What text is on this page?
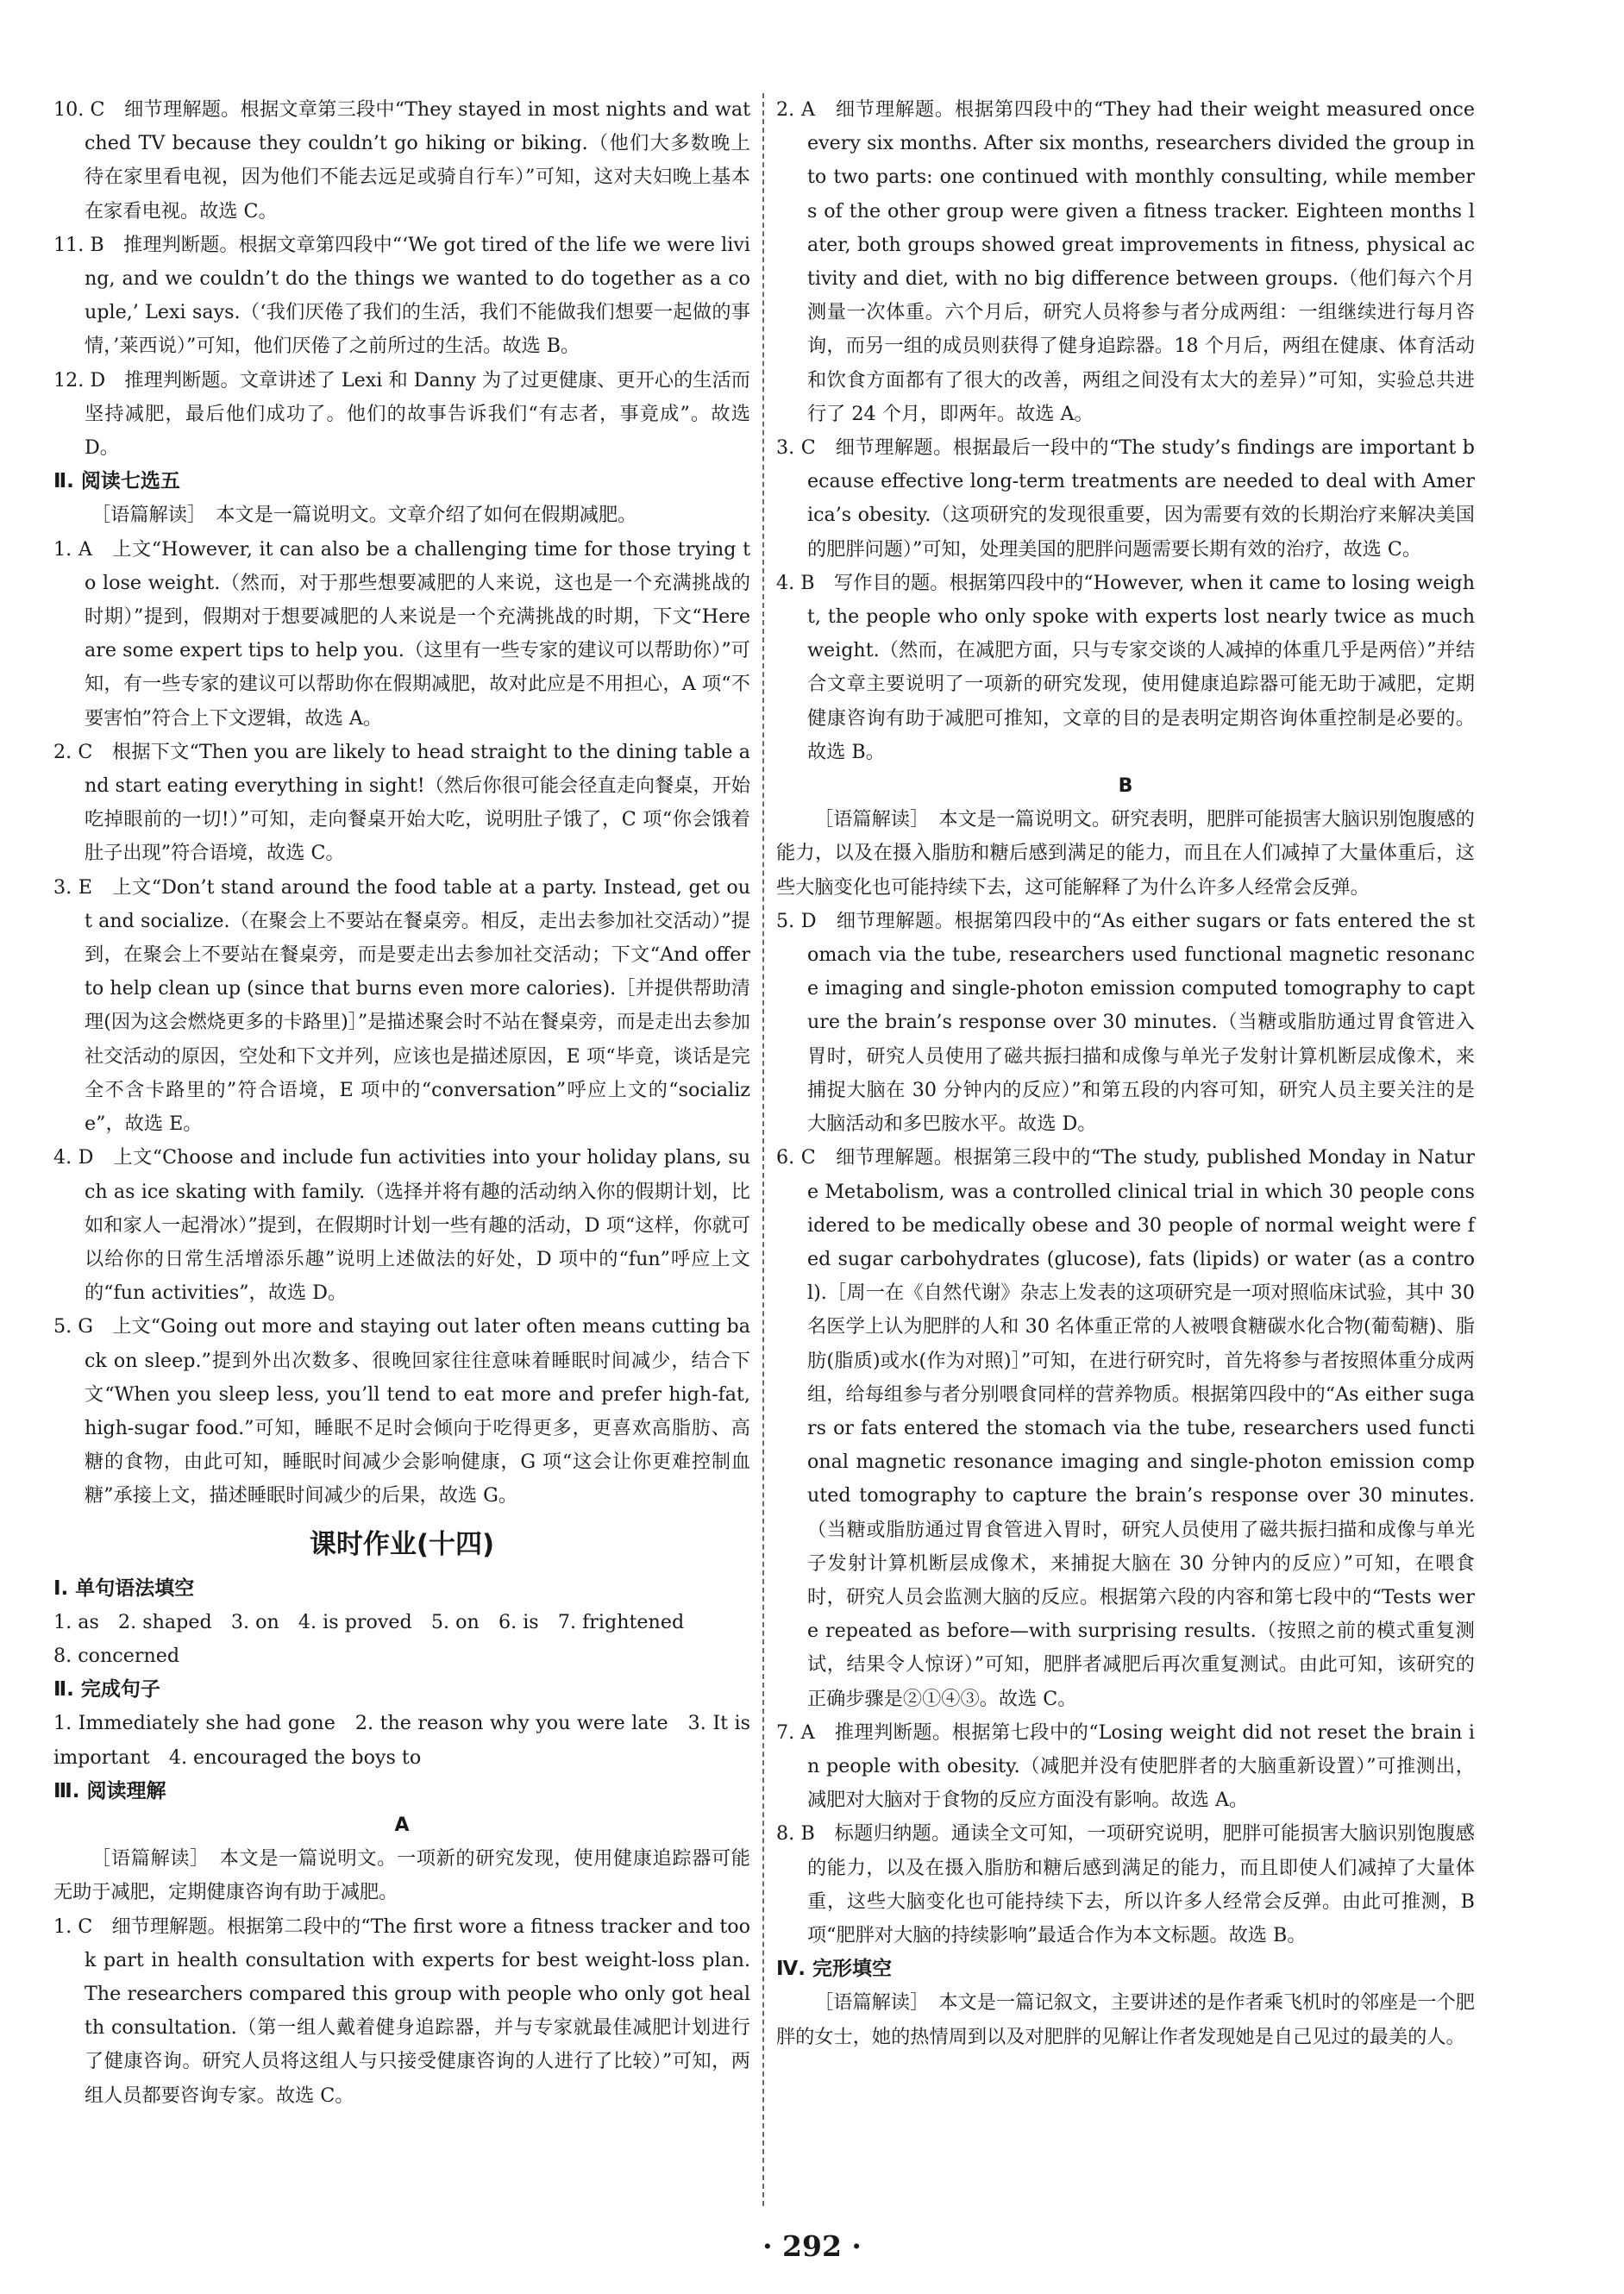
10. C　细节理解题。根据文章第三段中“They stayed in most nights and watched TV because they couldn’t go hiking or biking.（他们大多数晚上待在家里看电视，因为他们不能去远足或骑自行车）”可知，这对夫妇晚上基本在家看电视。故选 C。

11. B　推理判断题。根据文章第四段中“‘We got tired of the life we were living, and we couldn’t do the things we wanted to do together as a couple,’ Lexi says.（‘我们厌倦了我们的生活，我们不能做我们想要一起做的事情，’莱西说）”可知，他们厌倦了之前所过的生活。故选 B。

12. D　推理判断题。文章讲述了 Lexi 和 Danny 为了过更健康、更开心的生活而坚持减肥，最后他们成功了。他们的故事告诉我们“有志者，事竟成”。故选 D。

Ⅱ. 阅读七选五

［语篇解读］　本文是一篇说明文。文章介绍了如何在假期减肥。

1. A　上文“However, it can also be a challenging time for those trying to lose weight.（然而，对于那些想要减肥的人来说，这也是一个充满挑战的时期）”提到，假期对于想要减肥的人来说是一个充满挑战的时期，下文“Here are some expert tips to help you.（这里有一些专家的建议可以帮助你）”可知，有一些专家的建议可以帮助你在假期减肥，故对此应是不用担心，A 项“不要害怕”符合上下文逻辑，故选 A。

2. C　根据下文“Then you are likely to head straight to the dining table and start eating everything in sight!（然后你很可能会径直走向餐桌，开始吃掉眼前的一切!）”可知，走向餐桌开始大吃，说明肚子饿了，C 项“你会饿着肚子出现”符合语境，故选 C。

3. E　上文“Don’t stand around the food table at a party. Instead, get out and socialize.（在聚会上不要站在餐桌旁。相反，走出去参加社交活动）”提到，在聚会上不要站在餐桌旁，而是要走出去参加社交活动；下文“And offer to help clean up (since that burns even more calories).［并提供帮助清理(因为这会燃烧更多的卡路里)］”是描述聚会时不站在餐桌旁，而是走出去参加社交活动的原因，空处和下文并列，应该也是描述原因，E 项“毕竟，谈话是完全不含卡路里的”符合语境，E 项中的“conversation”呼应上文的“socialize”，故选 E。

4. D　上文“Choose and include fun activities into your holiday plans, such as ice skating with family.（选择并将有趣的活动纳入你的假期计划，比如和家人一起滑冰）”提到，在假期时计划一些有趣的活动，D 项“这样，你就可以给你的日常生活增添乐趣”说明上述做法的好处，D 项中的“fun”呼应上文的“fun activities”，故选 D。

5. G　上文“Going out more and staying out later often means cutting back on sleep.”提到外出次数多、很晚回家往往意味着睡眠时间减少，结合下文“When you sleep less, you’ll tend to eat more and prefer high-fat, high-sugar food.”可知，睡眠不足时会倾向于吃得更多，更喜欢高脂肪、高糖的食物，由此可知，睡眠时间减少会影响健康，G 项“这会让你更难控制血糖”承接上文，描述睡眠时间减少的后果，故选 G。

课时作业(十四)

Ⅰ. 单句语法填空

1. as　2. shaped　3. on　4. is proved　5. on　6. is　7. frightened

8. concerned

Ⅱ. 完成句子

1. Immediately she had gone　2. the reason why you were late　3. It is important　4. encouraged the boys to

Ⅲ. 阅读理解

A

［语篇解读］　本文是一篇说明文。一项新的研究发现，使用健康追踪器可能无助于减肥，定期健康咨询有助于减肥。

1. C　细节理解题。根据第二段中的“The first wore a fitness tracker and took part in health consultation with experts for best weight-loss plan. The researchers compared this group with people who only got health consultation.（第一组人戴着健身追踪器，并与专家就最佳减肥计划进行了健康咨询。研究人员将这组人与只接受健康咨询的人进行了比较）”可知，两组人员都要咨询专家。故选 C。

2. A　细节理解题。根据第四段中的“They had their weight measured once every six months. After six months, researchers divided the group into two parts: one continued with monthly consulting, while members of the other group were given a fitness tracker. Eighteen months later, both groups showed great improvements in fitness, physical activity and diet, with no big difference between groups.（他们每六个月测量一次体重。六个月后，研究人员将参与者分成两组：一组继续进行每月咨询，而另一组的成员则获得了健身追踪器。18 个月后，两组在健康、体育活动和饮食方面都有了很大的改善，两组之间没有太大的差异）”可知，实验总共进行了 24 个月，即两年。故选 A。

3. C　细节理解题。根据最后一段中的“The study’s findings are important because effective long-term treatments are needed to deal with America’s obesity.（这项研究的发现很重要，因为需要有效的长期治疗来解决美国的肥胖问题）”可知，处理美国的肥胖问题需要长期有效的治疗，故选 C。

4. B　写作目的题。根据第四段中的“However, when it came to losing weight, the people who only spoke with experts lost nearly twice as much weight.（然而，在减肥方面，只与专家交谈的人减掉的体重几乎是两倍）”并结合文章主要说明了一项新的研究发现，使用健康追踪器可能无助于减肥，定期健康咨询有助于减肥可推知，文章的目的是表明定期咨询体重控制是必要的。故选 B。

B

［语篇解读］　本文是一篇说明文。研究表明，肥胖可能损害大脑识别饱腹感的能力，以及在摄入脂肪和糖后感到满足的能力，而且在人们减掉了大量体重后，这些大脑变化也可能持续下去，这可能解释了为什么许多人经常会反弹。

5. D　细节理解题。根据第四段中的“As either sugars or fats entered the stomach via the tube, researchers used functional magnetic resonance imaging and single-photon emission computed tomography to capture the brain’s response over 30 minutes.（当糖或脂肪通过胃食管进入胃时，研究人员使用了磁共振扫描和成像与单光子发射计算机断层成像术，来捕捉大脑在 30 分钟内的反应）”和第五段的内容可知，研究人员主要关注的是大脑活动和多巴胺水平。故选 D。

6. C　细节理解题。根据第三段中的“The study, published Monday in Nature Metabolism, was a controlled clinical trial in which 30 people considered to be medically obese and 30 people of normal weight were fed sugar carbohydrates (glucose), fats (lipids) or water (as a control).［周一在《自然代谢》杂志上发表的这项研究是一项对照临床试验，其中 30 名医学上认为肥胖的人和 30 名体重正常的人被喂食糖碳水化合物(葡萄糖)、脂肪(脂质)或水(作为对照)］”可知，在进行研究时，首先将参与者按照体重分成两组，给每组参与者分别喂食同样的营养物质。根据第四段中的“As either sugars or fats entered the stomach via the tube, researchers used functional magnetic resonance imaging and single-photon emission computed tomography to capture the brain’s response over 30 minutes.（当糖或脂肪通过胃食管进入胃时，研究人员使用了磁共振扫描和成像与单光子发射计算机断层成像术，来捕捉大脑在 30 分钟内的反应）”可知，在喂食时，研究人员会监测大脑的反应。根据第六段的内容和第七段中的“Tests were repeated as before—with surprising results.（按照之前的模式重复测试，结果令人惊讶）”可知，肥胖者减肥后再次重复测试。由此可知，该研究的正确步骤是②①④③。故选 C。

7. A　推理判断题。根据第七段中的“Losing weight did not reset the brain in people with obesity.（减肥并没有使肥胖者的大脑重新设置）”可推测出，减肥对大脑对于食物的反应方面没有影响。故选 A。

8. B　标题归纳题。通读全文可知，一项研究说明，肥胖可能损害大脑识别饱腹感的能力，以及在摄入脂肪和糖后感到满足的能力，而且即使人们减掉了大量体重，这些大脑变化也可能持续下去，所以许多人经常会反弹。由此可推测，B 项“肥胖对大脑的持续影响”最适合作为本文标题。故选 B。

Ⅳ. 完形填空

［语篇解读］　本文是一篇记叙文，主要讲述的是作者乘飞机时的邻座是一个肥胖的女士，她的热情周到以及对肥胖的见解让作者发现她是自己见过的最美的人。

· 292 ·
